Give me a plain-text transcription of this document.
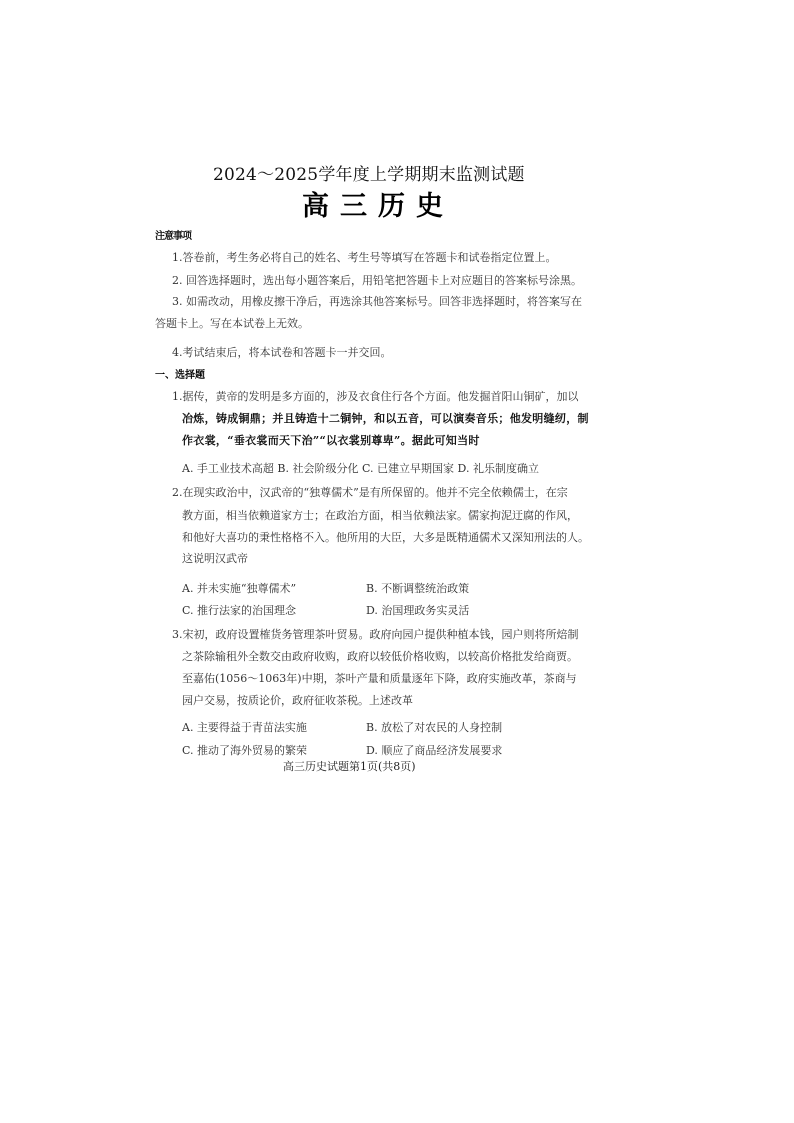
2024～2025学年度上学期期末监测试题
高三历史
注意事项
1.答卷前，考生务必将自己的姓名、考生号等填写在答题卡和试卷指定位置上。
2. 回答选择题时，选出每小题答案后，用铅笔把答题卡上对应题目的答案标号涂黑。
3. 如需改动，用橡皮擦干净后，再选涂其他答案标号。回答非选择题时，将答案写在
答题卡上。写在本试卷上无效。
4.考试结束后，将本试卷和答题卡一并交回。
一、选择题
1.据传，黄帝的发明是多方面的，涉及衣食住行各个方面。他发掘首阳山铜矿，加以
冶炼，铸成铜鼎；并且铸造十二铜钟，和以五音，可以演奏音乐；他发明缝纫，制
作衣裳，“垂衣裳而天下治”“以衣裳别尊卑”。据此可知当时
A. 手工业技术高超 B. 社会阶级分化 C. 已建立早期国家 D. 礼乐制度确立
2.在现实政治中，汉武帝的“独尊儒术”是有所保留的。他并不完全依赖儒士，在宗
教方面，相当依赖道家方士；在政治方面，相当依赖法家。儒家拘泥迂腐的作风，
和他好大喜功的秉性格格不入。他所用的大臣，大多是既精通儒术又深知刑法的人。
这说明汉武帝
A. 并未实施“独尊儒术”	B. 不断调整统治政策
C. 推行法家的治国理念	D. 治国理政务实灵活
3.宋初，政府设置榷货务管理茶叶贸易。政府向园户提供种植本钱，园户则将所焙制
之茶除输租外全数交由政府收购，政府以较低价格收购，以较高价格批发给商贾。
至嘉佑(1056～1063年)中期，茶叶产量和质量逐年下降，政府实施改革，茶商与
园户交易，按质论价，政府征收茶税。上述改革
A. 主要得益于青苗法实施	B. 放松了对农民的人身控制
C. 推动了海外贸易的繁荣	D. 顺应了商品经济发展要求
高三历史试题第1页(共8页)
